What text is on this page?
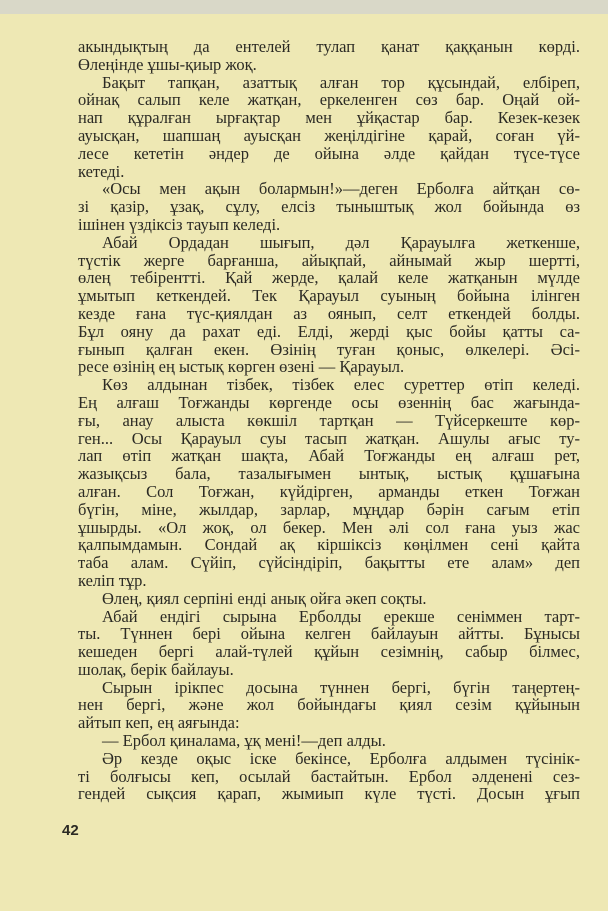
акындықтың да ентелей тулап қанат қаққанын көрді.
Өлеңінде ұшы-қиыр жоқ.
Бақыт тапқан, азаттық алған тор құсындай, елбіреп,
ойнақ салып келе жатқан, еркеленген сөз бар. Оңай ой-
нап құралған ырғақтар мен ұйқастар бар. Кезек-кезек
ауысқан, шапшаң ауысқан жеңілдігіне қарай, соған үй-
лесе кететін әндер де ойына әлде қайдан түсе-түсе
кетеді.
«Осы мен ақын болармын!»—деген Ерболға айтқан сө-
зі қазір, ұзақ, сұлу, елсіз тыныштық жол бойында өз
ішінен үздіксіз тауып келеді.
Абай Ордадан шығып, дәл Қарауылға жеткенше,
түстік жерге барғанша, айықпай, айнымай жыр шертті,
өлең тебірентті. Қай жерде, қалай келе жатқанын мүлде
ұмытып кеткендей. Тек Қарауыл суының бойына ілінген
кезде ғана түс-қиялдан аз оянып, селт еткендей болды.
Бұл ояну да рахат еді. Елді, жерді қыс бойы қатты са-
ғынып қалған екен. Өзінің туған қоныс, өлкелері. Әсі-
ресе өзінің ең ыстық көрген өзені — Қарауыл.
Көз алдынан тізбек, тізбек елес суреттер өтіп келеді.
Ең алғаш Тоғжанды көргенде осы өзеннің бас жағында-
ғы, анау алыста көкшіл тартқан — Түйсеркеште көр-
ген... Осы Қарауыл суы тасып жатқан. Ашулы ағыс ту-
лап өтіп жатқан шақта, Абай Тоғжанды ең алғаш рет,
жазықсыз бала, тазалығымен ынтық, ыстық құшағына
алған. Сол Тоғжан, күйдірген, арманды еткен Тоғжан
бүгін, міне, жылдар, зарлар, мұңдар бәрін сағым етіп
ұшырды. «Ол жоқ, ол бекер. Мен әлі сол ғана уыз жас
қалпымдамын. Сондай ақ кіршіксіз көңілмен сені қайта
таба алам. Сүйіп, сүйсіндіріп, бақытты ете алам» деп
келіп тұр.
Өлең, қиял серпіні енді анық ойға әкеп соқты.
Абай ендігі сырына Ерболды ерекше сеніммен тарт-
ты. Түннен бері ойына келген байлауын айтты. Бұнысы
кешеден бергі алай-түлей құйын сезімнің, сабыр білмес,
шолақ, берік байлауы.
Сырын ірікпес досына түннен бергі, бүгін таңертең-
нен бергі, және жол бойындағы қиял сезім құйынын
айтып кеп, ең аяғында:
— Ербол қиналама, ұқ мені!—деп алды.
Әр кезде оқыс іске бекінсе, Ерболға алдымен түсінік-
ті болғысы кеп, осылай бастайтын. Ербол әлденені сез-
гендей сықсия қарап, жымиып күле түсті. Досын ұғып
42
